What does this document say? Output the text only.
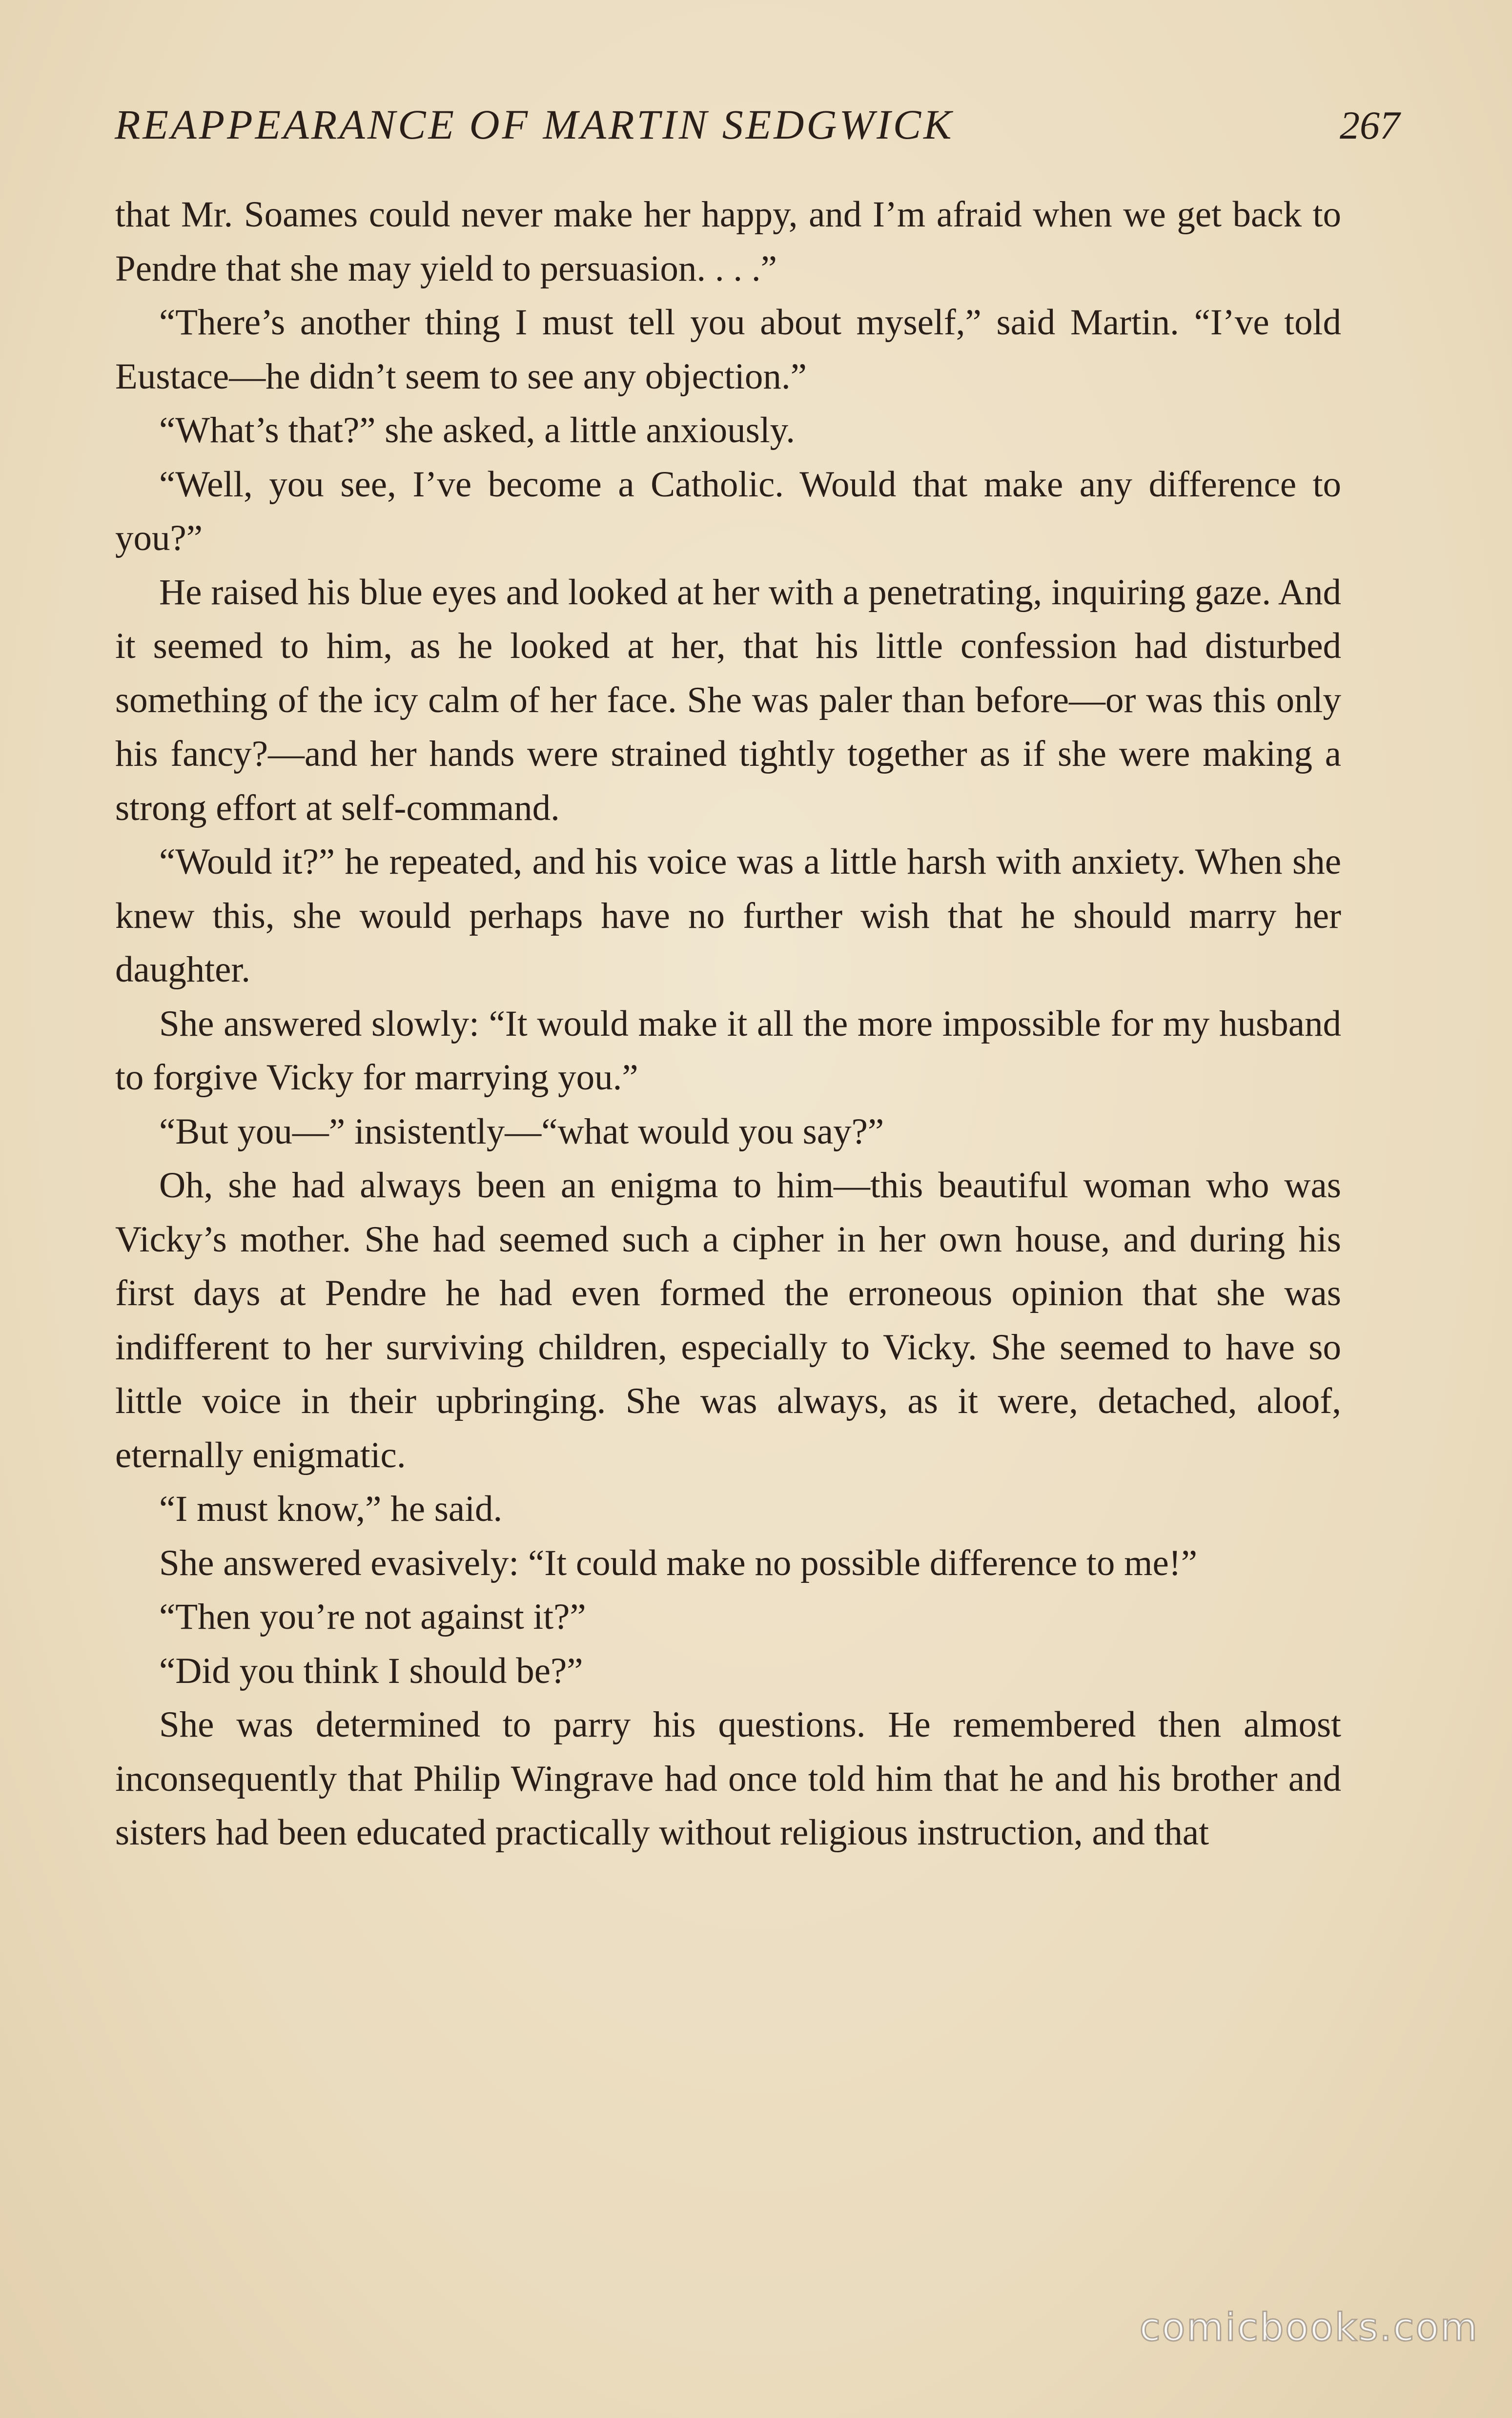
REAPPEARANCE OF MARTIN SEDGWICK	267

that Mr. Soames could never make her happy, and I’m afraid when we get back to Pendre that she may yield to persuasion. . . .”

“There’s another thing I must tell you about myself,” said Martin. “I’ve told Eustace—he didn’t seem to see any objection.”

“What’s that?” she asked, a little anxiously.

“Well, you see, I’ve become a Catholic. Would that make any difference to you?”

He raised his blue eyes and looked at her with a penetrating, inquiring gaze. And it seemed to him, as he looked at her, that his little confession had disturbed something of the icy calm of her face. She was paler than before—or was this only his fancy?—and her hands were strained tightly together as if she were making a strong effort at self-command.

“Would it?” he repeated, and his voice was a little harsh with anxiety. When she knew this, she would perhaps have no further wish that he should marry her daughter.

She answered slowly: “It would make it all the more impossible for my husband to forgive Vicky for marrying you.”

“But you—” insistently—“what would you say?”

Oh, she had always been an enigma to him—this beautiful woman who was Vicky’s mother. She had seemed such a cipher in her own house, and during his first days at Pendre he had even formed the erroneous opinion that she was indifferent to her surviving children, especially to Vicky. She seemed to have so little voice in their upbringing. She was always, as it were, detached, aloof, eternally enigmatic.

“I must know,” he said.

She answered evasively: “It could make no possible difference to me!”

“Then you’re not against it?”

“Did you think I should be?”

She was determined to parry his questions. He remembered then almost inconsequently that Philip Wingrave had once told him that he and his brother and sisters had been educated practically without religious instruction, and that

comicbooks.com
